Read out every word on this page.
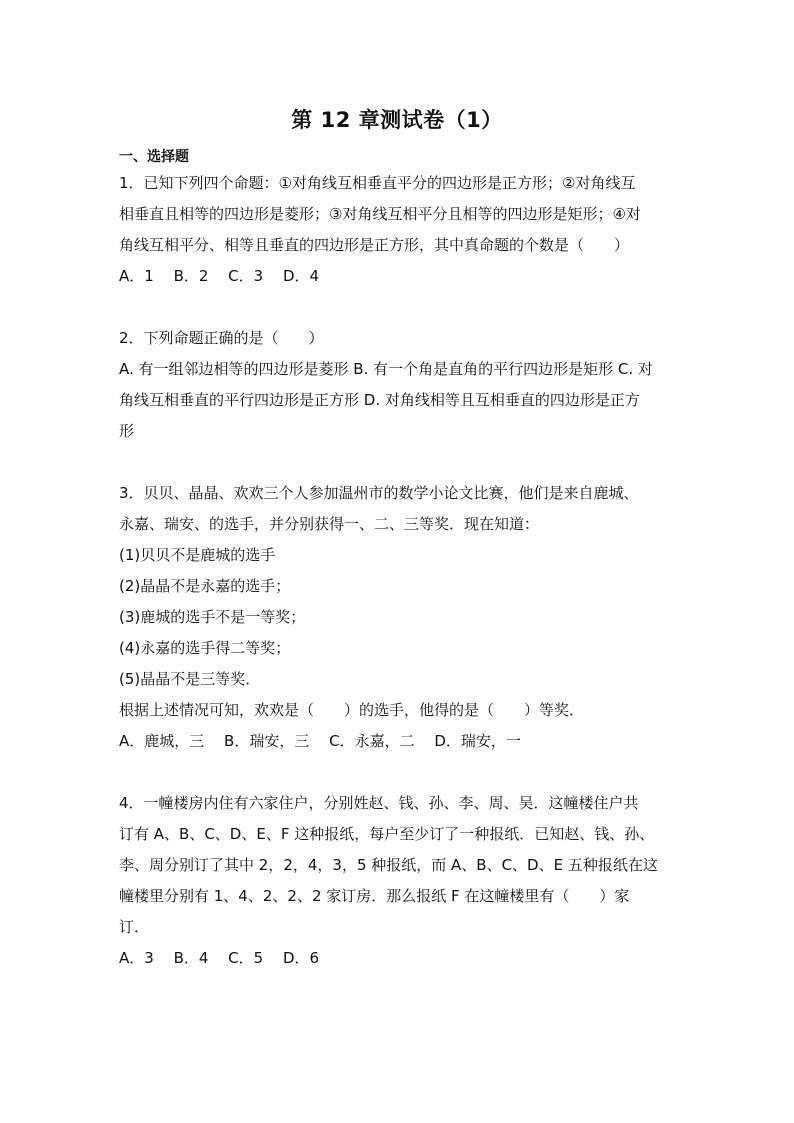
第 12 章测试卷（1）
一、选择题
1．已知下列四个命题：①对角线互相垂直平分的四边形是正方形；②对角线互
相垂直且相等的四边形是菱形；③对角线互相平分且相等的四边形是矩形；④对
角线互相平分、相等且垂直的四边形是正方形，其中真命题的个数是（　　）
A．1　 B．2　 C．3　 D．4
2．下列命题正确的是（　　）
A. 有一组邻边相等的四边形是菱形 B. 有一个角是直角的平行四边形是矩形 C. 对
角线互相垂直的平行四边形是正方形 D. 对角线相等且互相垂直的四边形是正方
形
3．贝贝、晶晶、欢欢三个人参加温州市的数学小论文比赛，他们是来自鹿城、
永嘉、瑞安、的选手，并分别获得一、二、三等奖．现在知道：
(1)贝贝不是鹿城的选手
(2)晶晶不是永嘉的选手；
(3)鹿城的选手不是一等奖；
(4)永嘉的选手得二等奖；
(5)晶晶不是三等奖．
根据上述情况可知，欢欢是（　　）的选手，他得的是（　　）等奖．
A．鹿城，三　 B．瑞安，三　 C．永嘉，二　 D．瑞安，一
4．一幢楼房内住有六家住户，分别姓赵、钱、孙、李、周、吴．这幢楼住户共
订有 A、B、C、D、E、F 这种报纸，每户至少订了一种报纸．已知赵、钱、孙、
李、周分别订了其中 2，2，4，3，5 种报纸，而 A、B、C、D、E 五种报纸在这
幢楼里分别有 1、4、2、2、2 家订房．那么报纸 F 在这幢楼里有（　　）家
订．
A．3　 B．4　 C．5　 D．6
